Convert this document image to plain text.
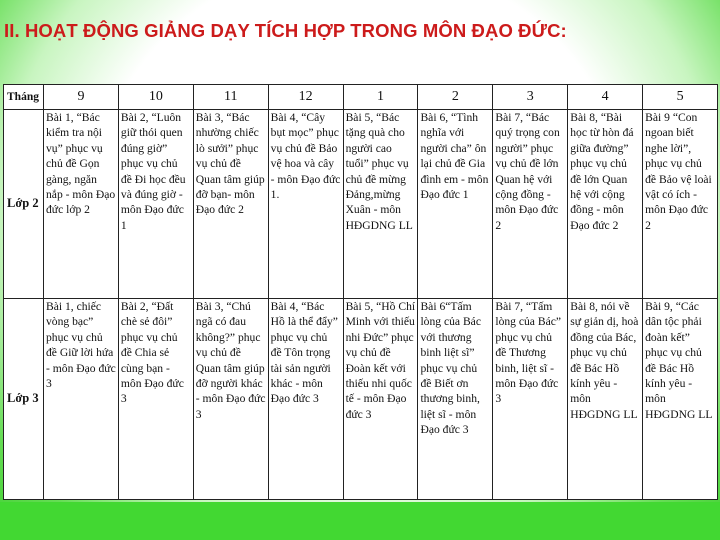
II. HOẠT ĐỘNG GIẢNG DẠY TÍCH HỢP TRONG MÔN ĐẠO ĐỨC:
Tháng	9	10	11	12	1	2	3	4	5
Lớp 2	Bài 1, “Bác kiểm tra nội vụ” phục vụ chủ đề Gọn gàng, ngăn nắp - môn Đạo đức lớp 2	Bài 2, “Luôn giữ thói quen đúng giờ” phục vụ chủ đề Đi học đều và đúng giờ - môn Đạo đức 1	Bài 3, “Bác nhường chiếc lò sưởi” phục vụ chủ đề Quan tâm giúp đỡ bạn- môn Đạo đức 2	Bài 4, “Cây bụt mọc” phục vụ chủ đề Bảo vệ hoa và cây - môn Đạo đức 1.	Bài 5, “Bác tặng quà cho người cao tuổi” phục vụ chủ đề mừng Đảng,mừng Xuân - môn HĐGDNG LL	Bài 6, “Tình nghĩa với người cha” ôn lại chủ đề Gia đình em - môn Đạo đức 1	Bài 7, “Bác quý trọng con người” phục vụ chủ đề lớn Quan hệ với cộng đồng - môn Đạo đức 2	Bài 8, “Bài học từ hòn đá giữa đường” phục vụ chủ đề lớn Quan hệ với cộng đồng - môn Đạo đức 2	Bài 9 “Con ngoan biết nghe lời”, phục vụ chủ đề Bảo vệ loài vật có ích - môn Đạo đức 2
Lớp 3	Bài 1, chiếc vòng bạc” phục vụ chủ đề Giữ lời hứa - môn Đạo đức 3	Bài 2, “Đất chè sẻ đôi” phục vụ chủ đề Chia sẻ cùng bạn - môn Đạo đức 3	Bài 3, “Chú ngã có đau không?” phục vụ chủ đề Quan tâm giúp đỡ người khác - môn Đạo đức 3	Bài 4, “Bác Hồ là thể đẩy” phục vụ chủ đề Tôn trọng tài sản người khác - môn Đạo đức 3	Bài 5, “Hồ Chí Minh với thiếu nhi Đức” phục vụ chủ đề Đoàn kết với thiếu nhi quốc tế - môn Đạo đức 3	Bài 6“Tấm lòng của Bác với thương binh liệt sĩ” phục vụ chủ đề Biết ơn thương binh, liệt sĩ - môn Đạo đức 3	Bài 7, “Tấm lòng của Bác” phục vụ chủ đề Thương binh, liệt sĩ - môn Đạo đức 3	Bài 8, nói về sự giản dị, hoà đồng của Bác, phục vụ chủ đề Bác Hồ kính yêu - môn HĐGDNG LL	Bài 9, “Các dân tộc phải đoàn kết” phục vụ chủ đề Bác Hồ kính yêu - môn HĐGDNG LL
